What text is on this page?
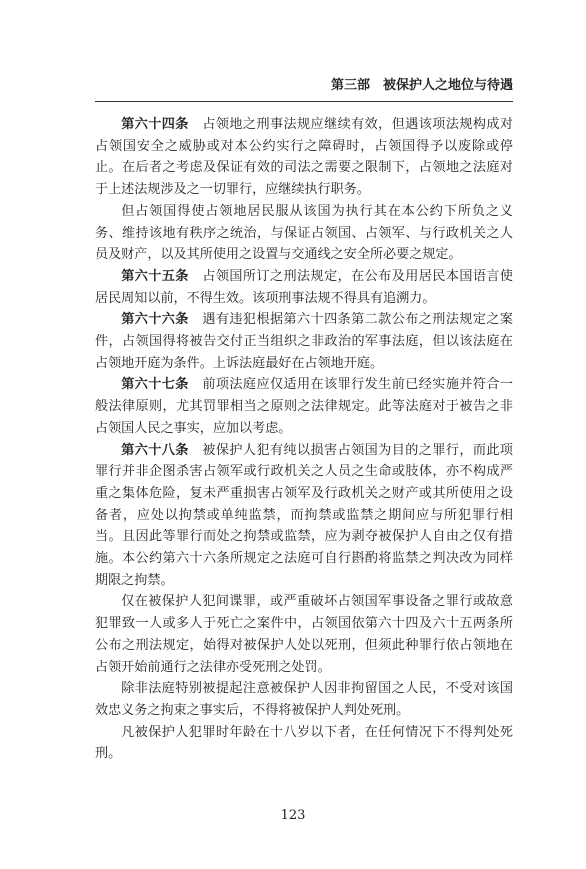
第三部　 被保护人之地位与待遇

第六十四条　占领地之刑事法规应继续有效，但遇该项法规构成对占领国安全之威胁或对本公约实行之障碍时，占领国得予以废除或停止。在后者之考虑及保证有效的司法之需要之限制下，占领地之法庭对于上述法规涉及之一切罪行，应继续执行职务。

但占领国得使占领地居民服从该国为执行其在本公约下所负之义务、维持该地有秩序之统治，与保证占领国、占领军、与行政机关之人员及财产，以及其所使用之设置与交通线之安全所必要之规定。

第六十五条　占领国所订之刑法规定，在公布及用居民本国语言使居民周知以前，不得生效。该项刑事法规不得具有追溯力。

第六十六条　遇有违犯根据第六十四条第二款公布之刑法规定之案件，占领国得将被告交付正当组织之非政治的军事法庭，但以该法庭在占领地开庭为条件。上诉法庭最好在占领地开庭。

第六十七条　前项法庭应仅适用在该罪行发生前已经实施并符合一般法律原则，尤其罚罪相当之原则之法律规定。此等法庭对于被告之非占领国人民之事实，应加以考虑。

第六十八条　被保护人犯有纯以损害占领国为目的之罪行，而此项罪行并非企图杀害占领军或行政机关之人员之生命或肢体，亦不构成严重之集体危险，复未严重损害占领军及行政机关之财产或其所使用之设备者，应处以拘禁或单纯监禁，而拘禁或监禁之期间应与所犯罪行相当。且因此等罪行而处之拘禁或监禁，应为剥夺被保护人自由之仅有措施。本公约第六十六条所规定之法庭可自行斟酌将监禁之判决改为同样期限之拘禁。

仅在被保护人犯间谍罪，或严重破坏占领国军事设备之罪行或故意犯罪致一人或多人于死亡之案件中，占领国依第六十四及六十五两条所公布之刑法规定，始得对被保护人处以死刑，但须此种罪行依占领地在占领开始前通行之法律亦受死刑之处罚。

除非法庭特别被提起注意被保护人因非拘留国之人民，不受对该国效忠义务之拘束之事实后，不得将被保护人判处死刑。

凡被保护人犯罪时年龄在十八岁以下者，在任何情况下不得判处死刑。

123
